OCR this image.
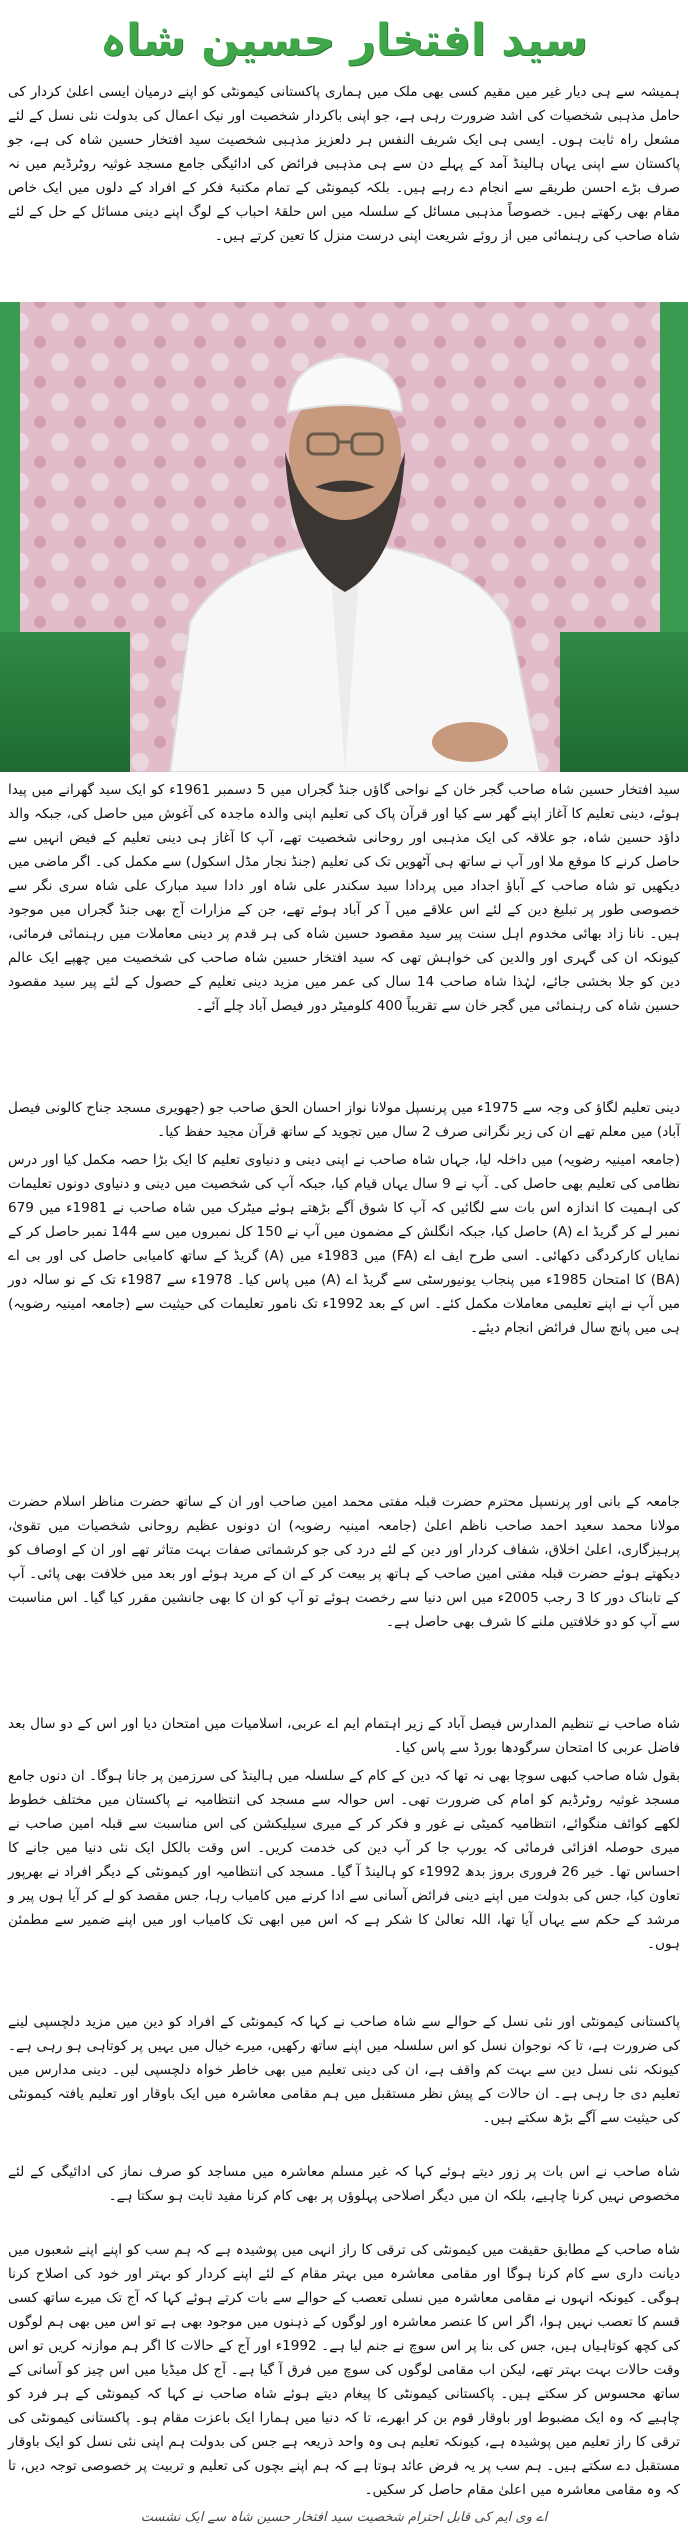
سید افتخار حسین شاہ
ہمیشہ سے ہی دیار غیر میں مقیم کسی بھی ملک میں ہماری پاکستانی کیمونٹی کو اپنے درمیان ایسی اعلیٰ کردار کی حامل مذہبی شخصیات کی اشد ضرورت رہی ہے، جو اپنی باکردار شخصیت اور نیک اعمال کی بدولت نئی نسل کے لئے مشعل راہ ثابت ہوں۔ ایسی ہی ایک شریف النفس ہر دلعزیز مذہبی شخصیت سید افتخار حسین شاہ کی ہے، جو پاکستان سے اپنی یہاں ہالینڈ آمد کے پہلے دن سے ہی مذہبی فرائض کی ادائیگی جامع مسجد غوثیہ روٹرڈیم میں نہ صرف بڑے احسن طریقے سے انجام دے رہے ہیں۔ بلکہ کیمونٹی کے تمام مکتبۂ فکر کے افراد کے دلوں میں ایک خاص مقام بھی رکھتے ہیں۔ خصوصاً مذہبی مسائل کے سلسلہ میں اس حلقۂ احباب کے لوگ اپنے دینی مسائل کے حل کے لئے شاہ صاحب کی رہنمائی میں از روئے شریعت اپنی درست منزل کا تعین کرتے ہیں۔
سید افتخار حسین شاہ صاحب گجر خان کے نواحی گاؤں جنڈ گجراں میں 5 دسمبر 1961ء کو ایک سید گھرانے میں پیدا ہوئے، دینی تعلیم کا آغاز اپنے گھر سے کیا اور قرآن پاک کی تعلیم اپنی والدہ ماجدہ کی آغوش میں حاصل کی، جبکہ والد داؤد حسین شاہ، جو علاقہ کی ایک مذہبی اور روحانی شخصیت تھے، آپ کا آغاز ہی دینی تعلیم کے فیض انہیں سے حاصل کرنے کا موقع ملا اور آپ نے ساتھ ہی آٹھویں تک کی تعلیم (جنڈ نجار مڈل اسکول) سے مکمل کی۔ اگر ماضی میں دیکھیں تو شاہ صاحب کے آباؤ اجداد میں پردادا سید سکندر علی شاہ اور دادا سید مبارک علی شاہ سری نگر سے خصوصی طور پر تبلیغ دین کے لئے اس علاقے میں آ کر آباد ہوئے تھے، جن کے مزارات آج بھی جنڈ گجراں میں موجود ہیں۔ نانا زاد بھائی مخدوم اہل سنت پیر سید مقصود حسین شاہ کی ہر قدم پر دینی معاملات میں رہنمائی فرمائی، کیونکہ ان کی گہری اور والدین کی خواہش تھی کہ سید افتخار حسین شاہ صاحب کی شخصیت میں چھپے ایک عالم دین کو جلا بخشی جائے، لہٰذا شاہ صاحب 14 سال کی عمر میں مزید دینی تعلیم کے حصول کے لئے پیر سید مقصود حسین شاہ کی رہنمائی میں گجر خان سے تقریباً 400 کلومیٹر دور فیصل آباد چلے آئے۔
دینی تعلیم لگاؤ کی وجہ سے 1975ء میں پرنسپل مولانا نواز احسان الحق صاحب جو (جھویری مسجد جناح کالونی فیصل آباد) میں معلم تھے ان کی زیر نگرانی صرف 2 سال میں تجوید کے ساتھ قرآن مجید حفظ کیا۔
(جامعہ امینیہ رضویہ) میں داخلہ لیا، جہاں شاہ صاحب نے اپنی دینی و دنیاوی تعلیم کا ایک بڑا حصہ مکمل کیا اور درس نظامی کی تعلیم بھی حاصل کی۔ آپ نے 9 سال یہاں قیام کیا، جبکہ آپ کی شخصیت میں دینی و دنیاوی دونوں تعلیمات کی اہمیت کا اندازہ اس بات سے لگائیں کہ آپ کا شوق آگے بڑھتے ہوئے میٹرک میں شاہ صاحب نے 1981ء میں 679 نمبر لے کر گریڈ اے (A) حاصل کیا، جبکہ انگلش کے مضمون میں آپ نے 150 کل نمبروں میں سے 144 نمبر حاصل کر کے نمایاں کارکردگی دکھائی۔ اسی طرح ایف اے (FA) میں 1983ء میں (A) گریڈ کے ساتھ کامیابی حاصل کی اور بی اے (BA) کا امتحان 1985ء میں پنجاب یونیورسٹی سے گریڈ اے (A) میں پاس کیا۔ 1978ء سے 1987ء تک کے نو سالہ دور میں آپ نے اپنے تعلیمی معاملات مکمل کئے۔ اس کے بعد 1992ء تک نامور تعلیمات کی حیثیت سے (جامعہ امینیہ رضویہ) ہی میں پانچ سال فرائض انجام دیئے۔
جامعہ کے بانی اور پرنسپل محترم حضرت قبلہ مفتی محمد امین صاحب اور ان کے ساتھ حضرت مناظر اسلام حضرت مولانا محمد سعید احمد صاحب ناظم اعلیٰ (جامعہ امینیہ رضویہ) ان دونوں عظیم روحانی شخصیات میں تقویٰ، پرہیزگاری، اعلیٰ اخلاق، شفاف کردار اور دین کے لئے درد کی جو کرشماتی صفات بہت متاثر تھے اور ان کے اوصاف کو دیکھتے ہوئے حضرت قبلہ مفتی امین صاحب کے ہاتھ پر بیعت کر کے ان کے مرید ہوئے اور بعد میں خلافت بھی پائی۔ آپ کے تابناک دور کا 3 رجب 2005ء میں اس دنیا سے رخصت ہوئے تو آپ کو ان کا بھی جانشین مقرر کیا گیا۔ اس مناسبت سے آپ کو دو خلافتیں ملنے کا شرف بھی حاصل ہے۔
شاہ صاحب نے تنظیم المدارس فیصل آباد کے زیر اہتمام ایم اے عربی، اسلامیات میں امتحان دیا اور اس کے دو سال بعد فاضل عربی کا امتحان سرگودھا بورڈ سے پاس کیا۔
بقول شاہ صاحب کبھی سوچا بھی نہ تھا کہ دین کے کام کے سلسلہ میں ہالینڈ کی سرزمین پر جانا ہوگا۔ ان دنوں جامع مسجد غوثیہ روٹرڈیم کو امام کی ضرورت تھی۔ اس حوالہ سے مسجد کی انتظامیہ نے پاکستان میں مختلف خطوط لکھے کوائف منگوائے، انتظامیہ کمیٹی نے غور و فکر کر کے میری سیلیکشن کی اس مناسبت سے قبلہ امین صاحب نے میری حوصلہ افزائی فرمائی کہ یورپ جا کر آپ دین کی خدمت کریں۔ اس وقت بالکل ایک نئی دنیا میں جانے کا احساس تھا۔ خیر 26 فروری بروز بدھ 1992ء کو ہالینڈ آ گیا۔ مسجد کی انتظامیہ اور کیمونٹی کے دیگر افراد نے بھرپور تعاون کیا، جس کی بدولت میں اپنے دینی فرائض آسانی سے ادا کرنے میں کامیاب رہا، جس مقصد کو لے کر آیا ہوں پیر و مرشد کے حکم سے یہاں آیا تھا، اللہ تعالیٰ کا شکر ہے کہ اس میں ابھی تک کامیاب اور میں اپنے ضمیر سے مطمئن ہوں۔
پاکستانی کیمونٹی اور نئی نسل کے حوالے سے شاہ صاحب نے کہا کہ کیمونٹی کے افراد کو دین میں مزید دلچسپی لینے کی ضرورت ہے، تا کہ نوجوان نسل کو اس سلسلہ میں اپنے ساتھ رکھیں، میرے خیال میں یہیں پر کوتاہی ہو رہی ہے۔ کیونکہ نئی نسل دین سے بہت کم واقف ہے، ان کی دینی تعلیم میں بھی خاطر خواہ دلچسپی لیں۔ دینی مدارس میں تعلیم دی جا رہی ہے۔ ان حالات کے پیش نظر مستقبل میں ہم مقامی معاشرہ میں ایک باوقار اور تعلیم یافتہ کیمونٹی کی حیثیت سے آگے بڑھ سکتے ہیں۔
شاہ صاحب نے اس بات پر زور دیتے ہوئے کہا کہ غیر مسلم معاشرہ میں مساجد کو صرف نماز کی ادائیگی کے لئے مخصوص نہیں کرنا چاہیے، بلکہ ان میں دیگر اصلاحی پہلوؤں پر بھی کام کرنا مفید ثابت ہو سکتا ہے۔
شاہ صاحب کے مطابق حقیقت میں کیمونٹی کی ترقی کا راز انہی میں پوشیدہ ہے کہ ہم سب کو اپنے اپنے شعبوں میں دیانت داری سے کام کرنا ہوگا اور مقامی معاشرہ میں بہتر مقام کے لئے اپنے کردار کو بہتر اور خود کی اصلاح کرنا ہوگی۔ کیونکہ انہوں نے مقامی معاشرہ میں نسلی تعصب کے حوالے سے بات کرتے ہوئے کہا کہ آج تک میرے ساتھ کسی قسم کا تعصب نہیں ہوا، اگر اس کا عنصر معاشرہ اور لوگوں کے ذہنوں میں موجود بھی ہے تو اس میں بھی ہم لوگوں کی کچھ کوتاہیاں ہیں، جس کی بنا پر اس سوچ نے جنم لیا ہے۔ 1992ء اور آج کے حالات کا اگر ہم موازنہ کریں تو اس وقت حالات بہت بہتر تھے، لیکن اب مقامی لوگوں کی سوچ میں فرق آ گیا ہے۔ آج کل میڈیا میں اس چیز کو آسانی کے ساتھ محسوس کر سکتے ہیں۔ پاکستانی کیمونٹی کا پیغام دیتے ہوئے شاہ صاحب نے کہا کہ کیمونٹی کے ہر فرد کو چاہیے کہ وہ ایک مضبوط اور باوقار قوم بن کر ابھرے، تا کہ دنیا میں ہمارا ایک باعزت مقام ہو۔ پاکستانی کیمونٹی کی ترقی کا راز تعلیم میں پوشیدہ ہے، کیونکہ تعلیم ہی وہ واحد ذریعہ ہے جس کی بدولت ہم اپنی نئی نسل کو ایک باوقار مستقبل دے سکتے ہیں۔ ہم سب پر یہ فرض عائد ہوتا ہے کہ ہم اپنے بچوں کی تعلیم و تربیت پر خصوصی توجہ دیں، تا کہ وہ مقامی معاشرہ میں اعلیٰ مقام حاصل کر سکیں۔
اے وی ایم کی قابل احترام شخصیت سید افتخار حسین شاہ سے ایک نشست
